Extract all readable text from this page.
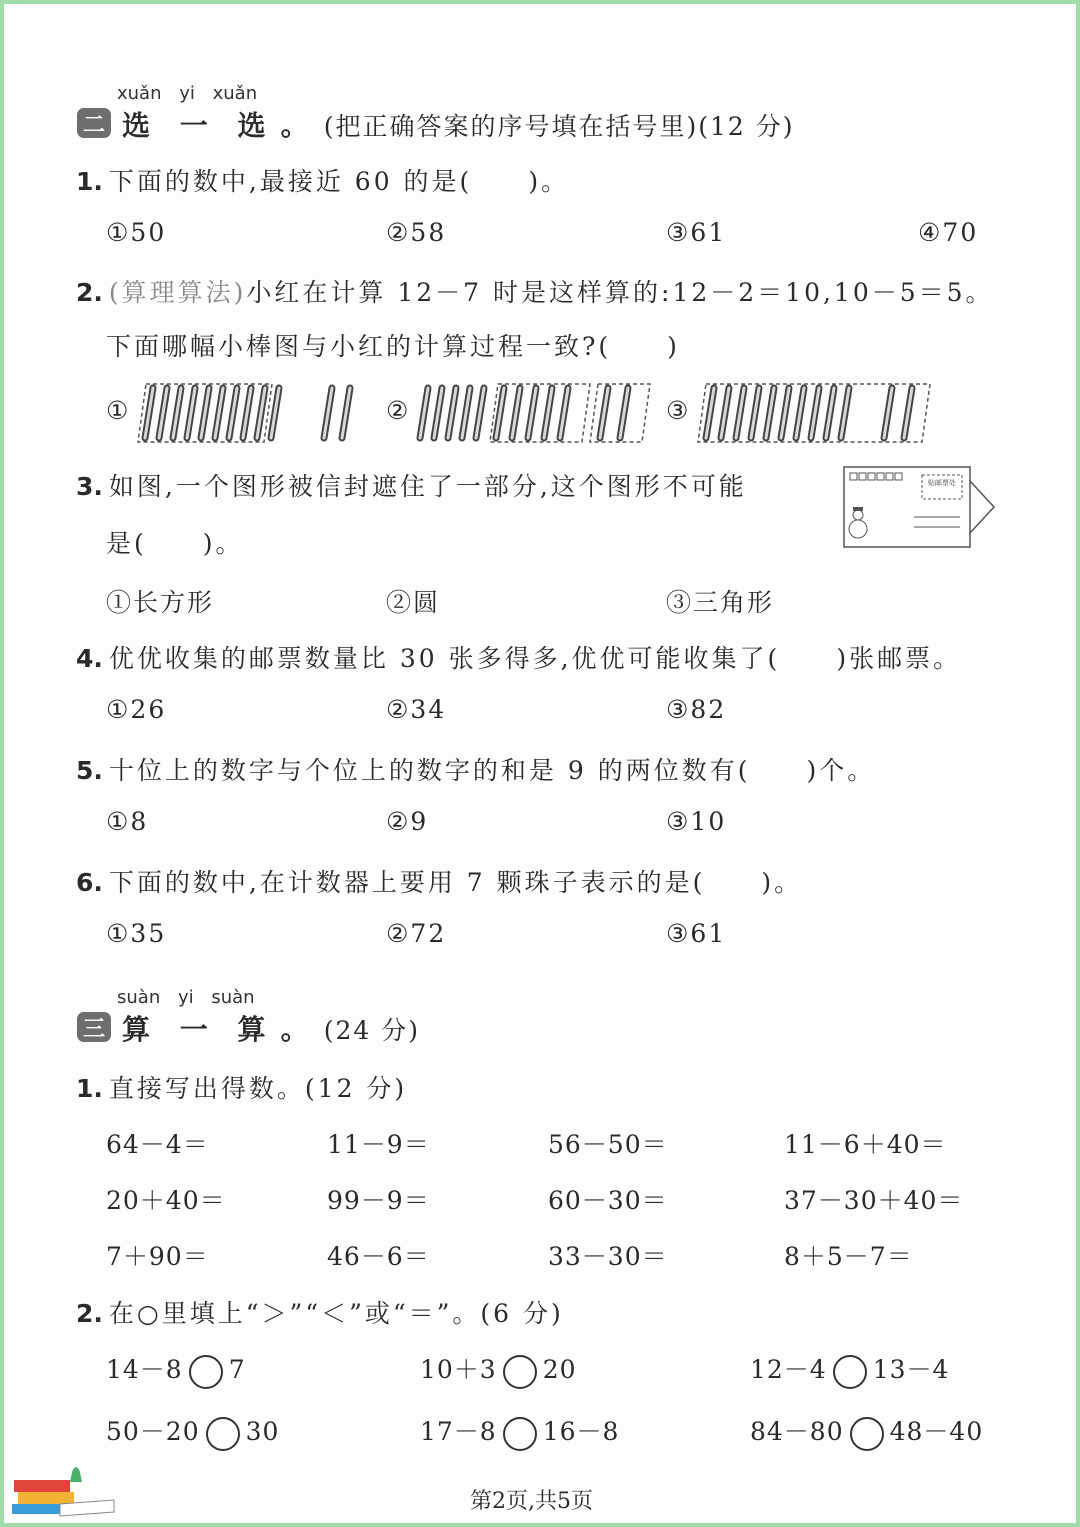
xuǎn yi xuǎn
二 选 一 选 。 (把正确答案的序号填在括号里)(12 分)
1. 下面的数中,最接近 60 的是(　　)。
①50	②58	③61	④70
2. (算理算法)小红在计算 12－7 时是这样算的:12－2＝10,10－5＝5。
下面哪幅小棒图与小红的计算过程一致?(　　)
①	②	③
3. 如图,一个图形被信封遮住了一部分,这个图形不可能
是(　　)。
贴邮票处
①长方形	②圆	③三角形
4. 优优收集的邮票数量比 30 张多得多,优优可能收集了(　　)张邮票。
①26	②34	③82
5. 十位上的数字与个位上的数字的和是 9 的两位数有(　　)个。
①8	②9	③10
6. 下面的数中,在计数器上要用 7 颗珠子表示的是(　　)。
①35	②72	③61
suàn yi suàn
三 算 一 算 。 (24 分)
1. 直接写出得数。(12 分)
64－4＝	11－9＝	56－50＝	11－6＋40＝
20＋40＝	99－9＝	60－30＝	37－30＋40＝
7＋90＝	46－6＝	33－30＝	8＋5－7＝
2. 在○里填上“＞”“＜”或“＝”。(6 分)
14－8 7	10＋3 20	12－4 13－4
50－20 30	17－8 16－8	84－80 48－40
第2页,共5页
